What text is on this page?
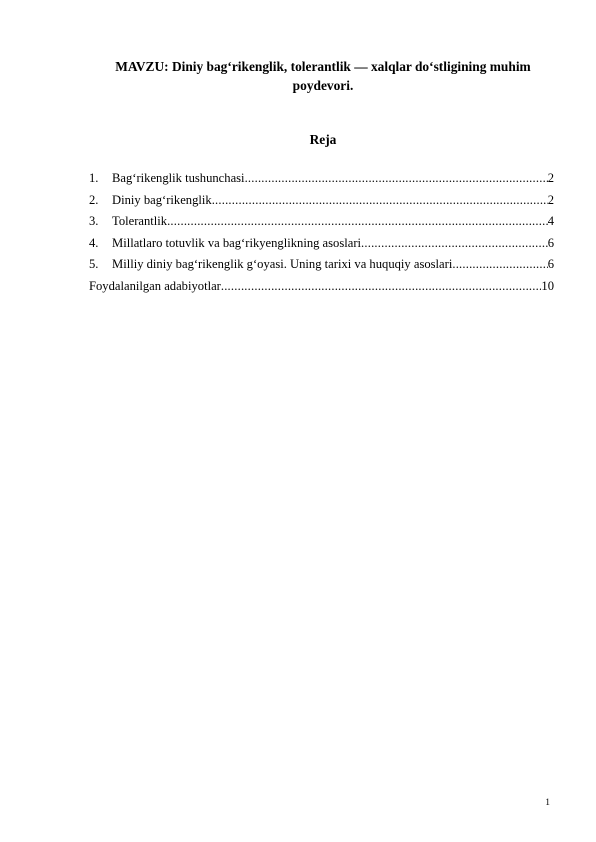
MAVZU: Diniy bag‘rikenglik, tolerantlik — xalqlar do‘stligining muhim poydevori.
Reja
1.	Bag‘rikenglik tushunchasi .....	2
2.	Diniy bag‘rikenglik .....	2
3.	Tolerantlik .....	4
4.	Millatlaro totuvlik va bag‘rikyenglikning asoslari .....	6
5.	Milliy diniy bag‘rikenglik g‘oyasi. Uning tarixi va huquqiy asoslari .....	6
Foydalanilgan adabiyotlar .....	10
1
